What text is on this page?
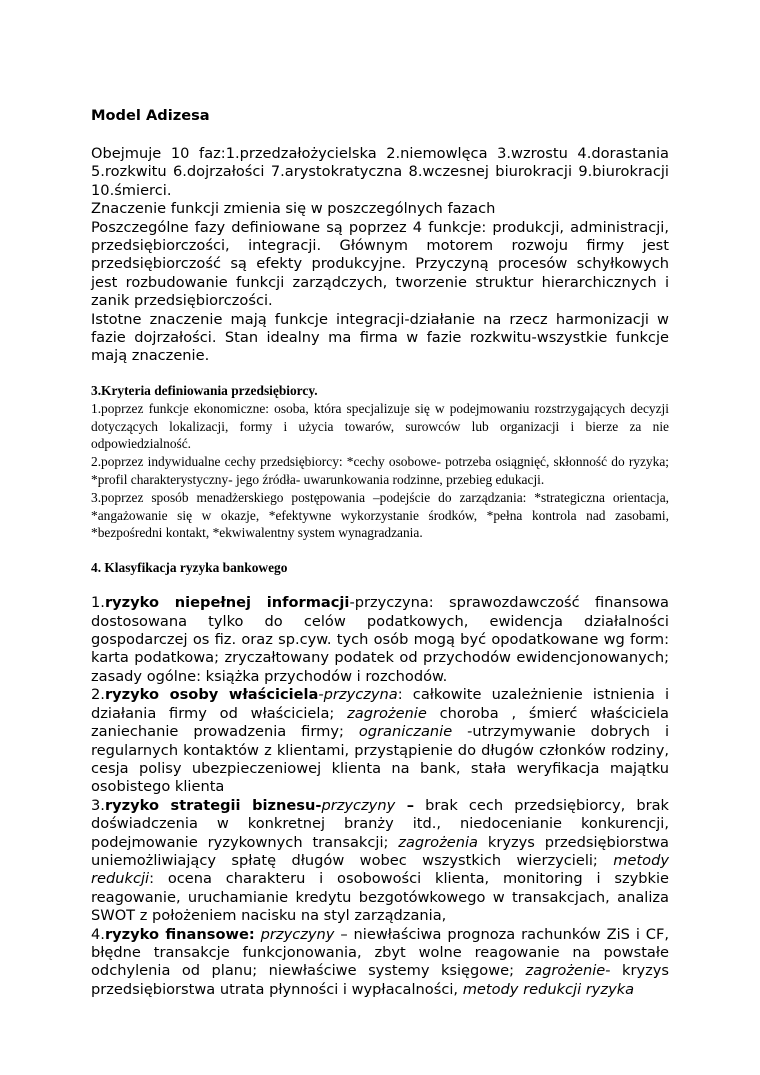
Model Adizesa

Obejmuje 10 faz:1.przedzałożycielska 2.niemowlęca 3.wzrostu 4.dorastania 5.rozkwitu 6.dojrzałości 7.arystokratyczna 8.wczesnej biurokracji 9.biurokracji 10.śmierci.

Znaczenie funkcji zmienia się w poszczególnych fazach

Poszczególne fazy definiowane są poprzez 4 funkcje: produkcji, administracji, przedsiębiorczości, integracji. Głównym motorem rozwoju firmy jest przedsiębiorczość są efekty produkcyjne. Przyczyną procesów schyłkowych jest rozbudowanie funkcji zarządczych, tworzenie struktur hierarchicznych i zanik przedsiębiorczości.

Istotne znaczenie mają funkcje integracji-działanie na rzecz harmonizacji w fazie dojrzałości. Stan idealny ma firma w fazie rozkwitu-wszystkie funkcje mają znaczenie.

3.Kryteria definiowania przedsiębiorcy.

1.poprzez funkcje ekonomiczne: osoba, która specjalizuje się w podejmowaniu rozstrzygających decyzji dotyczących lokalizacji, formy i użycia towarów, surowców lub organizacji i bierze za nie odpowiedzialność.

2.poprzez indywidualne cechy przedsiębiorcy: *cechy osobowe- potrzeba osiągnięć, skłonność do ryzyka; *profil charakterystyczny- jego źródła- uwarunkowania rodzinne, przebieg edukacji.

3.poprzez sposób menadżerskiego postępowania –podejście do zarządzania: *strategiczna orientacja, *angażowanie się w okazje, *efektywne wykorzystanie środków, *pełna kontrola nad zasobami, *bezpośredni kontakt, *ekwiwalentny system wynagradzania.

4. Klasyfikacja ryzyka bankowego

1.ryzyko niepełnej informacji-przyczyna: sprawozdawczość finansowa dostosowana tylko do celów podatkowych, ewidencja działalności gospodarczej os fiz. oraz sp.cyw. tych osób mogą być opodatkowane wg form: karta podatkowa; zryczałtowany podatek od przychodów ewidencjonowanych; zasady ogólne: książka przychodów i rozchodów.

2.ryzyko osoby właściciela-przyczyna: całkowite uzależnienie istnienia i działania firmy od właściciela; zagrożenie choroba , śmierć właściciela zaniechanie prowadzenia firmy; ograniczanie -utrzymywanie dobrych i regularnych kontaktów z klientami, przystąpienie do długów członków rodziny, cesja polisy ubezpieczeniowej klienta na bank, stała weryfikacja majątku osobistego klienta

3.ryzyko strategii biznesu-przyczyny – brak cech przedsiębiorcy, brak doświadczenia w konkretnej branży itd., niedocenianie konkurencji, podejmowanie ryzykownych transakcji; zagrożenia kryzys przedsiębiorstwa uniemożliwiający spłatę długów wobec wszystkich wierzycieli; metody redukcji: ocena charakteru i osobowości klienta, monitoring i szybkie reagowanie, uruchamianie kredytu bezgotówkowego w transakcjach, analiza SWOT z położeniem nacisku na styl zarządzania,

4.ryzyko finansowe: przyczyny – niewłaściwa prognoza rachunków ZiS i CF, błędne transakcje funkcjonowania, zbyt wolne reagowanie na powstałe odchylenia od planu; niewłaściwe systemy księgowe; zagrożenie- kryzys przedsiębiorstwa utrata płynności i wypłacalności, metody redukcji ryzyka
